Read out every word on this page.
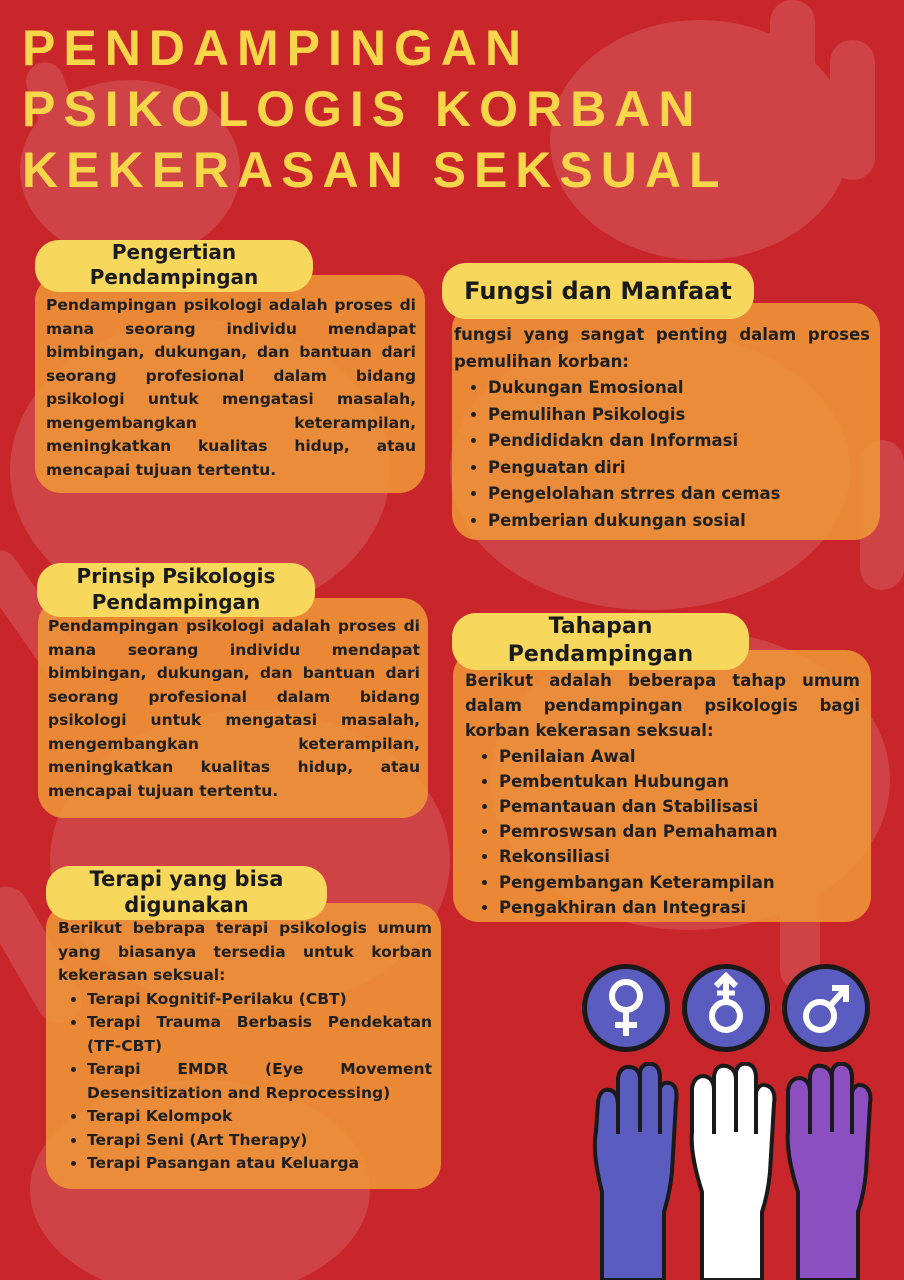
PENDAMPINGAN
PSIKOLOGIS KORBAN
KEKERASAN SEKSUAL
Pengertian
Pendampingan

Pendampingan psikologi adalah proses di mana seorang individu mendapat bimbingan, dukungan, dan bantuan dari seorang profesional dalam bidang psikologi untuk mengatasi masalah, mengembangkan keterampilan, meningkatkan kualitas hidup, atau mencapai tujuan tertentu.

Fungsi dan Manfaat

fungsi yang sangat penting dalam proses pemulihan korban:

• Dukungan Emosional
• Pemulihan Psikologis
• Pendididakn dan Informasi
• Penguatan diri
• Pengelolahan strres dan cemas
• Pemberian dukungan sosial
Prinsip Psikologis
Pendampingan

Pendampingan psikologi adalah proses di mana seorang individu mendapat bimbingan, dukungan, dan bantuan dari seorang profesional dalam bidang psikologi untuk mengatasi masalah, mengembangkan keterampilan, meningkatkan kualitas hidup, atau mencapai tujuan tertentu.

Tahapan
Pendampingan

Berikut adalah beberapa tahap umum dalam pendampingan psikologis bagi korban kekerasan seksual:

• Penilaian Awal
• Pembentukan Hubungan
• Pemantauan dan Stabilisasi
• Pemroswsan dan Pemahaman
• Rekonsiliasi
• Pengembangan Keterampilan
• Pengakhiran dan Integrasi
Terapi yang bisa
digunakan

Berikut bebrapa terapi psikologis umum yang biasanya tersedia untuk korban kekerasan seksual:

• Terapi Kognitif-Perilaku (CBT)
• Terapi Trauma Berbasis Pendekatan (TF-CBT)
• Terapi EMDR (Eye Movement Desensitization and Reprocessing)
• Terapi Kelompok
• Terapi Seni (Art Therapy)
• Terapi Pasangan atau Keluarga
